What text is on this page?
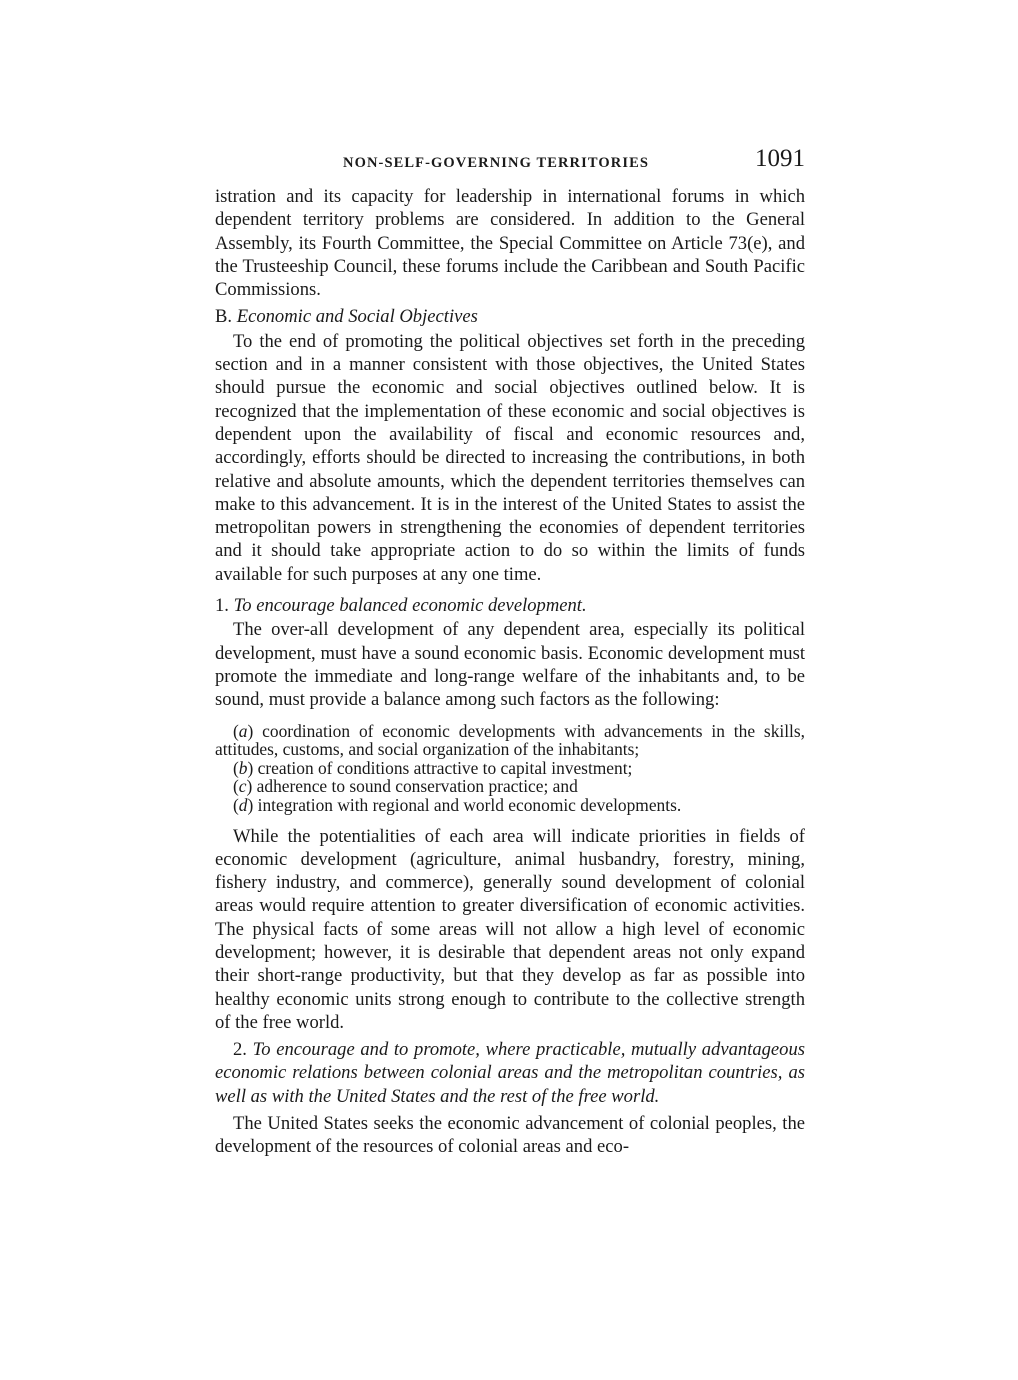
NON-SELF-GOVERNING TERRITORIES	1091

istration and its capacity for leadership in international forums in which dependent territory problems are considered. In addition to the General Assembly, its Fourth Committee, the Special Committee on Article 73(e), and the Trusteeship Council, these forums include the Caribbean and South Pacific Commissions.

B. Economic and Social Objectives

To the end of promoting the political objectives set forth in the preceding section and in a manner consistent with those objectives, the United States should pursue the economic and social objectives outlined below. It is recognized that the implementation of these economic and social objectives is dependent upon the availability of fiscal and economic resources and, accordingly, efforts should be directed to increasing the contributions, in both relative and absolute amounts, which the dependent territories themselves can make to this advancement. It is in the interest of the United States to assist the metropolitan powers in strengthening the economies of dependent territories and it should take appropriate action to do so within the limits of funds available for such purposes at any one time.

1. To encourage balanced economic development.

The over-all development of any dependent area, especially its political development, must have a sound economic basis. Economic development must promote the immediate and long-range welfare of the inhabitants and, to be sound, must provide a balance among such factors as the following:

(a) coordination of economic developments with advancements in the skills, attitudes, customs, and social organization of the inhabitants;

(b) creation of conditions attractive to capital investment;

(c) adherence to sound conservation practice; and

(d) integration with regional and world economic developments.

While the potentialities of each area will indicate priorities in fields of economic development (agriculture, animal husbandry, forestry, mining, fishery industry, and commerce), generally sound development of colonial areas would require attention to greater diversification of economic activities. The physical facts of some areas will not allow a high level of economic development; however, it is desirable that dependent areas not only expand their short-range productivity, but that they develop as far as possible into healthy economic units strong enough to contribute to the collective strength of the free world.

2. To encourage and to promote, where practicable, mutually advantageous economic relations between colonial areas and the metropolitan countries, as well as with the United States and the rest of the free world.

The United States seeks the economic advancement of colonial peoples, the development of the resources of colonial areas and eco-
